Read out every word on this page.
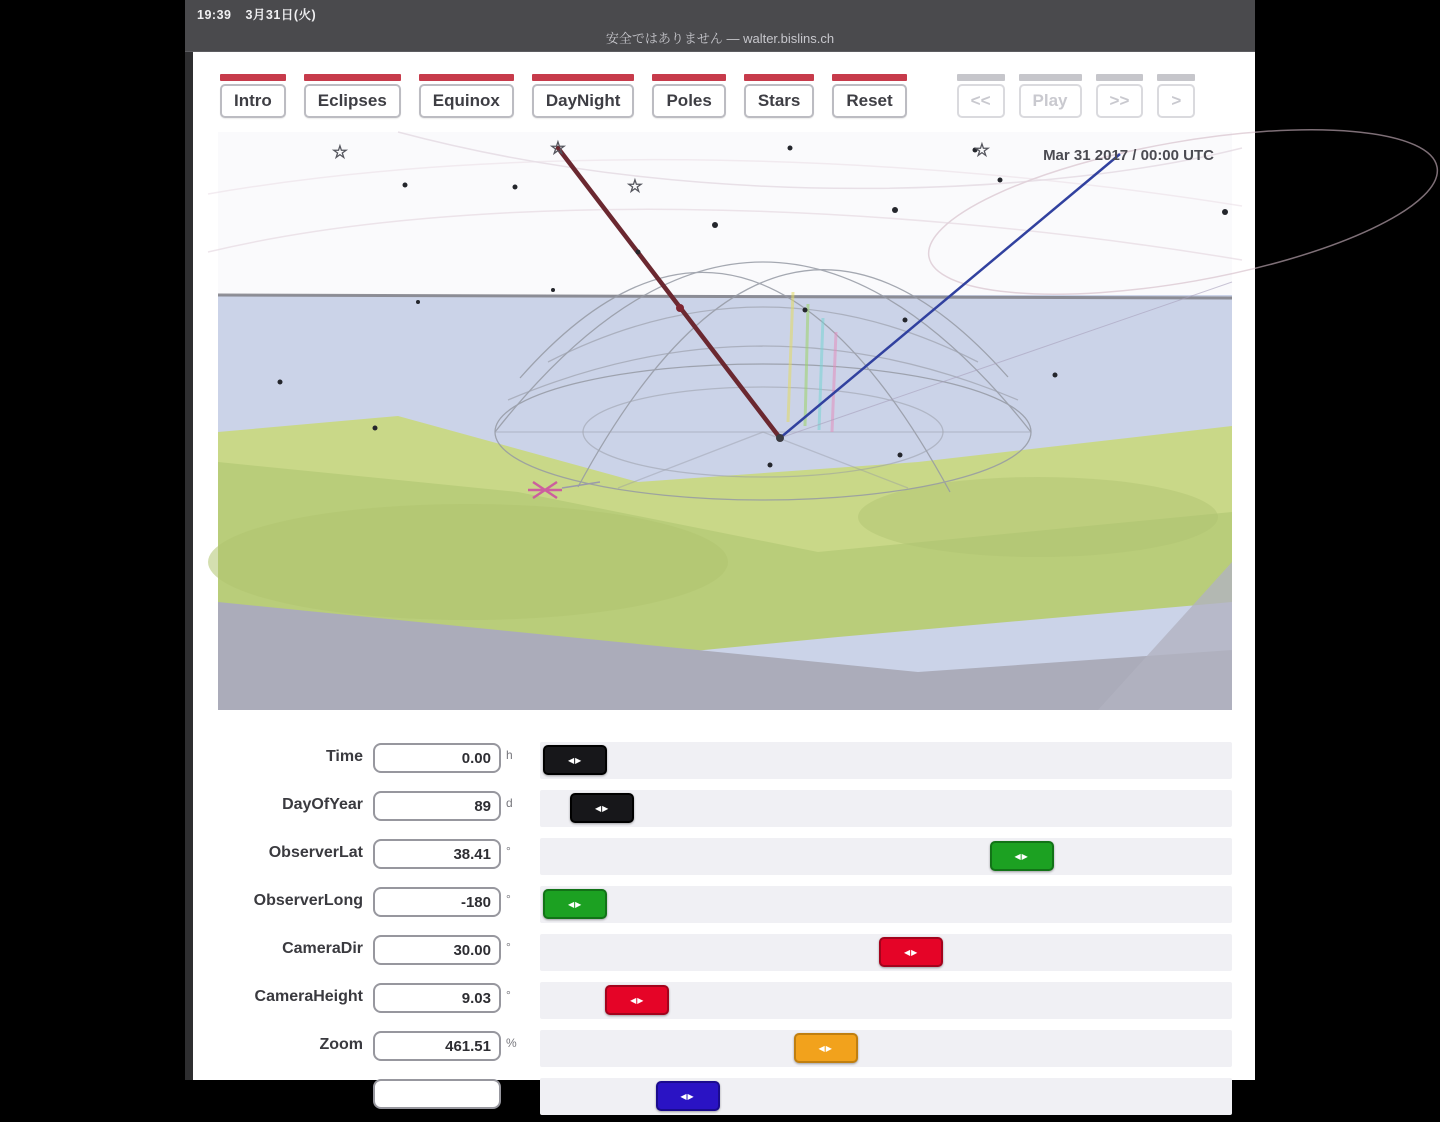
19:39 3月31日(火)
安全ではありません — walter.bislins.ch
Intro	Eclipses	Equinox	DayNight	Poles	Stars	Reset	<<	Play	>>	>
☆	☆
☆
☆	Mar 31 2017 / 00:00 UTC
Time
0.00	h	◀▶
DayOfYear
89	d	◀▶
ObserverLat
38.41	°	◀▶
ObserverLong
-180	°	◀▶
CameraDir
30.00	°	◀▶
CameraHeight
9.03	°	◀▶
Zoom
461.51	%	◀▶
◀▶
